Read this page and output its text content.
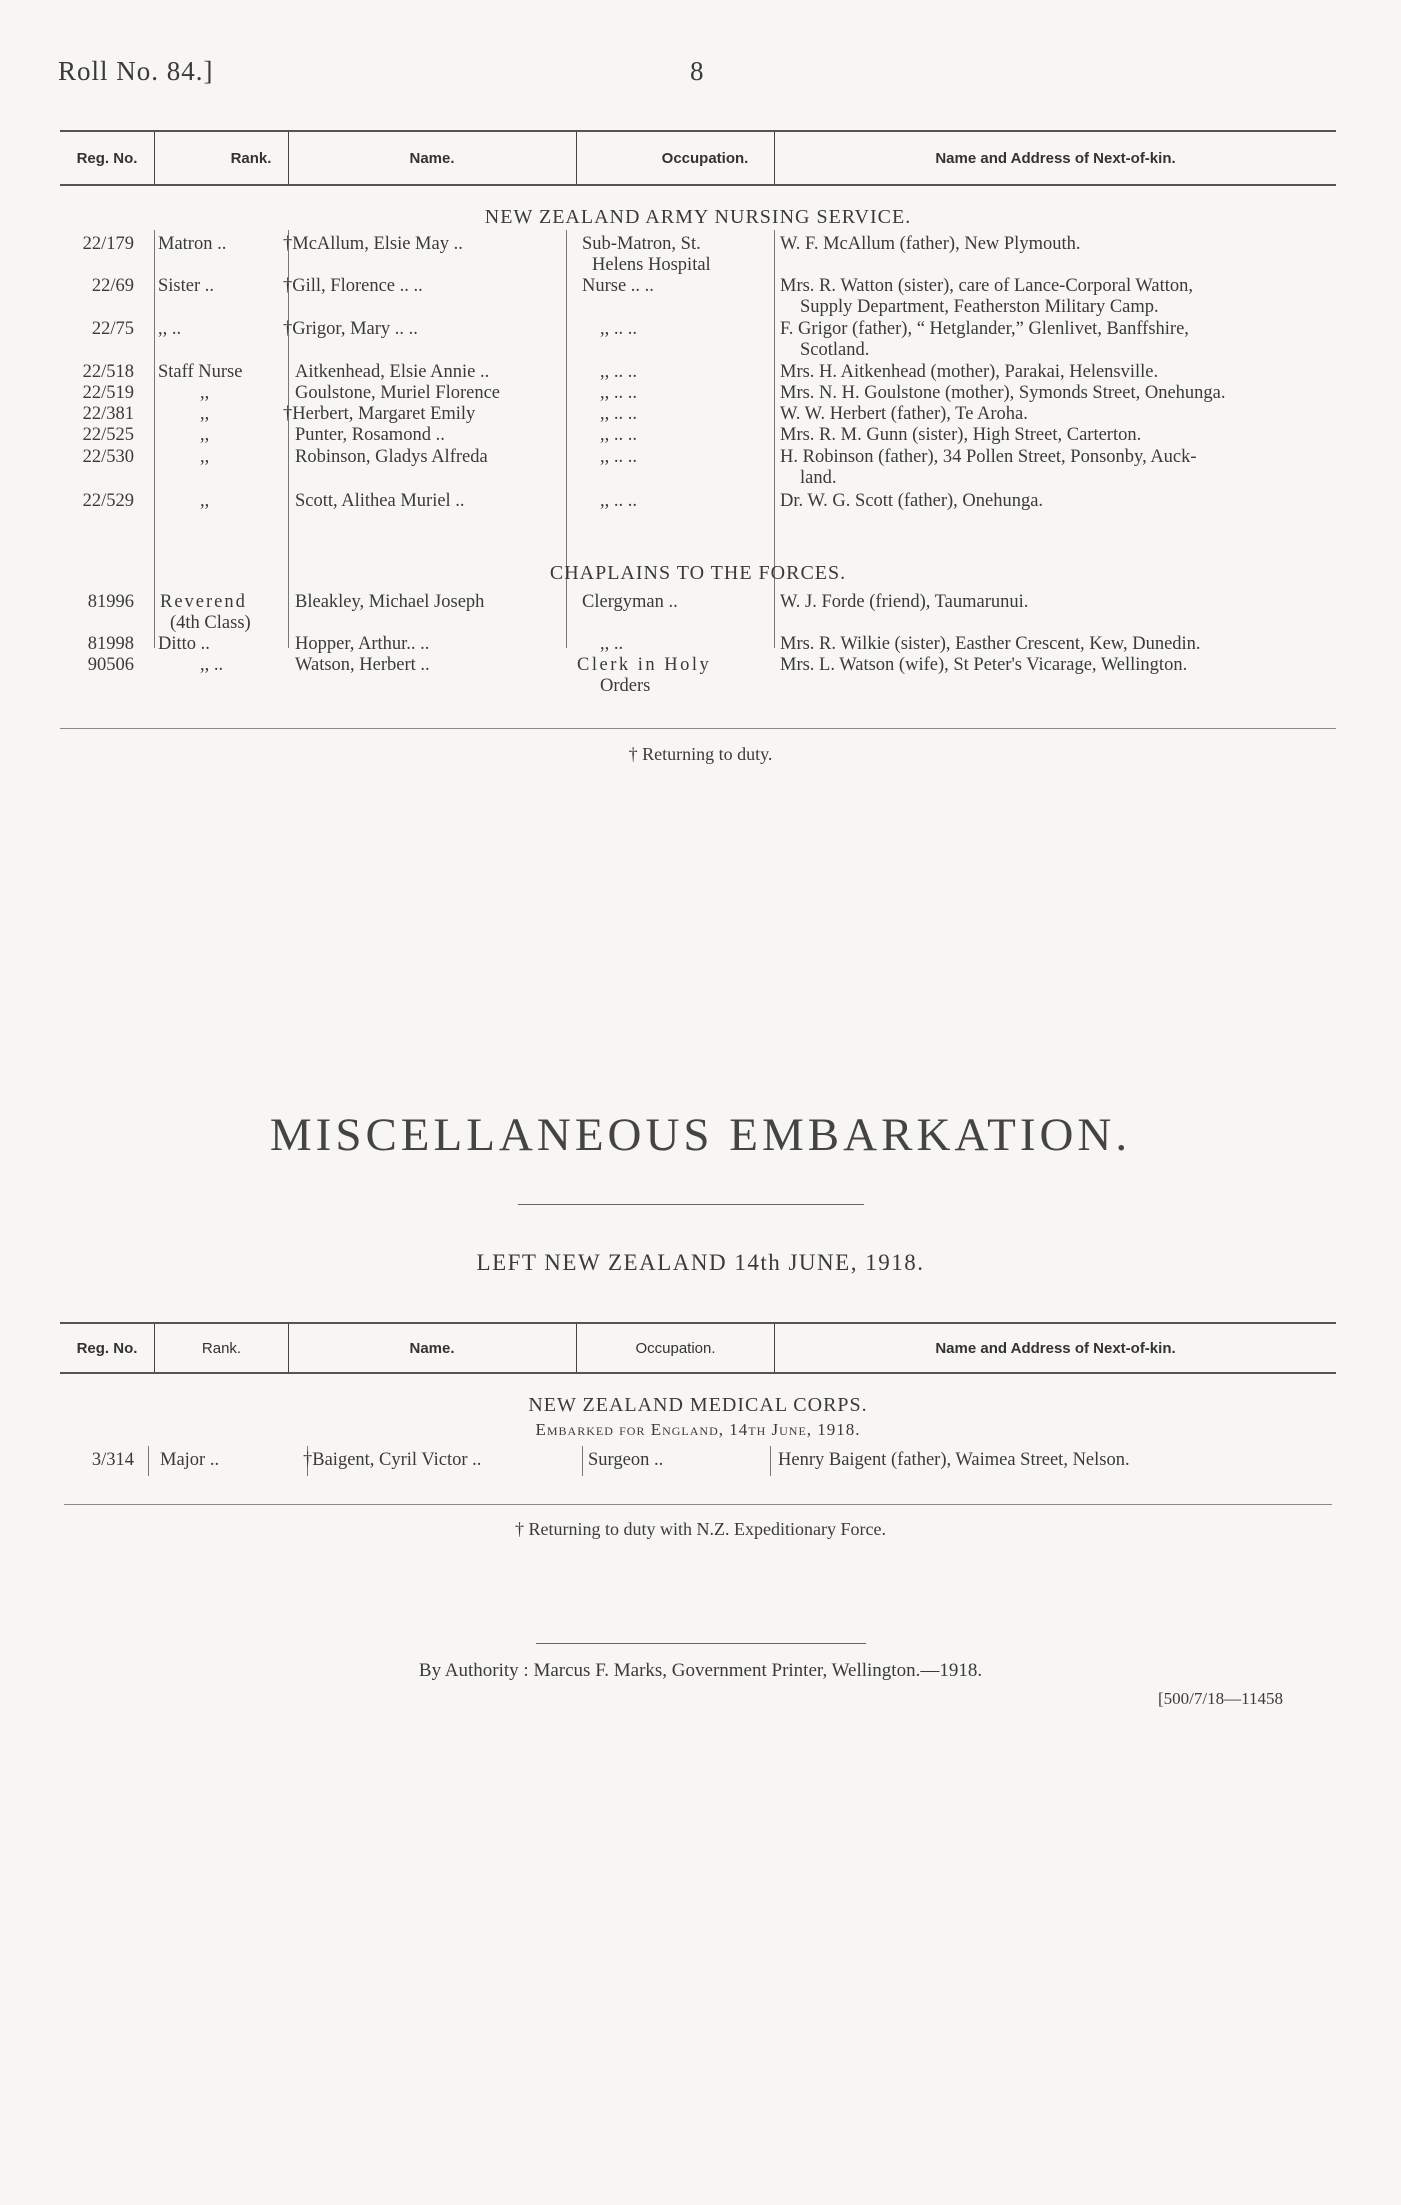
Roll No. 84.]	8
Reg. No.	Rank.	Name.	Occupation.	Name and Address of Next-of-kin.
NEW ZEALAND ARMY NURSING SERVICE.
22/179 Matron ..	†McAllum, Elsie May ..	Sub-Matron, St.	W. F. McAllum (father), New Plymouth.
Helens Hospital
22/69 Sister ..	†Gill, Florence .. ..	Nurse .. ..	Mrs. R. Watton (sister), care of Lance-Corporal Watton,
Supply Department, Featherston Military Camp.
22/75 ,, ..	†Grigor, Mary .. ..	,, .. ..	F. Grigor (father), “ Hetglander,” Glenlivet, Banffshire,
Scotland.
22/518 Staff Nurse	Aitkenhead, Elsie Annie ..	,, .. ..	Mrs. H. Aitkenhead (mother), Parakai, Helensville.
22/519	,,	Goulstone, Muriel Florence	,, .. ..	Mrs. N. H. Goulstone (mother), Symonds Street, Onehunga.
22/381	,,	†Herbert, Margaret Emily	,, .. ..	W. W. Herbert (father), Te Aroha.
22/525	,,	Punter, Rosamond ..	,, .. ..	Mrs. R. M. Gunn (sister), High Street, Carterton.
22/530	,,	Robinson, Gladys Alfreda	,, .. ..	H. Robinson (father), 34 Pollen Street, Ponsonby, Auck-
land.
22/529	,,	Scott, Alithea Muriel ..	,, .. ..	Dr. W. G. Scott (father), Onehunga.
CHAPLAINS TO THE FORCES.
81996 Reverend	Bleakley, Michael Joseph	Clergyman ..	W. J. Forde (friend), Taumarunui.
(4th Class)
81998 Ditto ..	Hopper, Arthur.. ..	,, ..	Mrs. R. Wilkie (sister), Easther Crescent, Kew, Dunedin.
90506	,, ..	Watson, Herbert ..	Clerk in Holy	Mrs. L. Watson (wife), St Peter's Vicarage, Wellington.
Orders
† Returning to duty.
MISCELLANEOUS EMBARKATION.
LEFT NEW ZEALAND 14th JUNE, 1918.
Reg. No.	Rank.	Name.	Occupation.	Name and Address of Next-of-kin.
NEW ZEALAND MEDICAL CORPS.
Embarked for England, 14th June, 1918.
3/314 Major ..	†Baigent, Cyril Victor ..	Surgeon ..	Henry Baigent (father), Waimea Street, Nelson.
† Returning to duty with N.Z. Expeditionary Force.
By Authority : Marcus F. Marks, Government Printer, Wellington.—1918.
[500/7/18—11458
